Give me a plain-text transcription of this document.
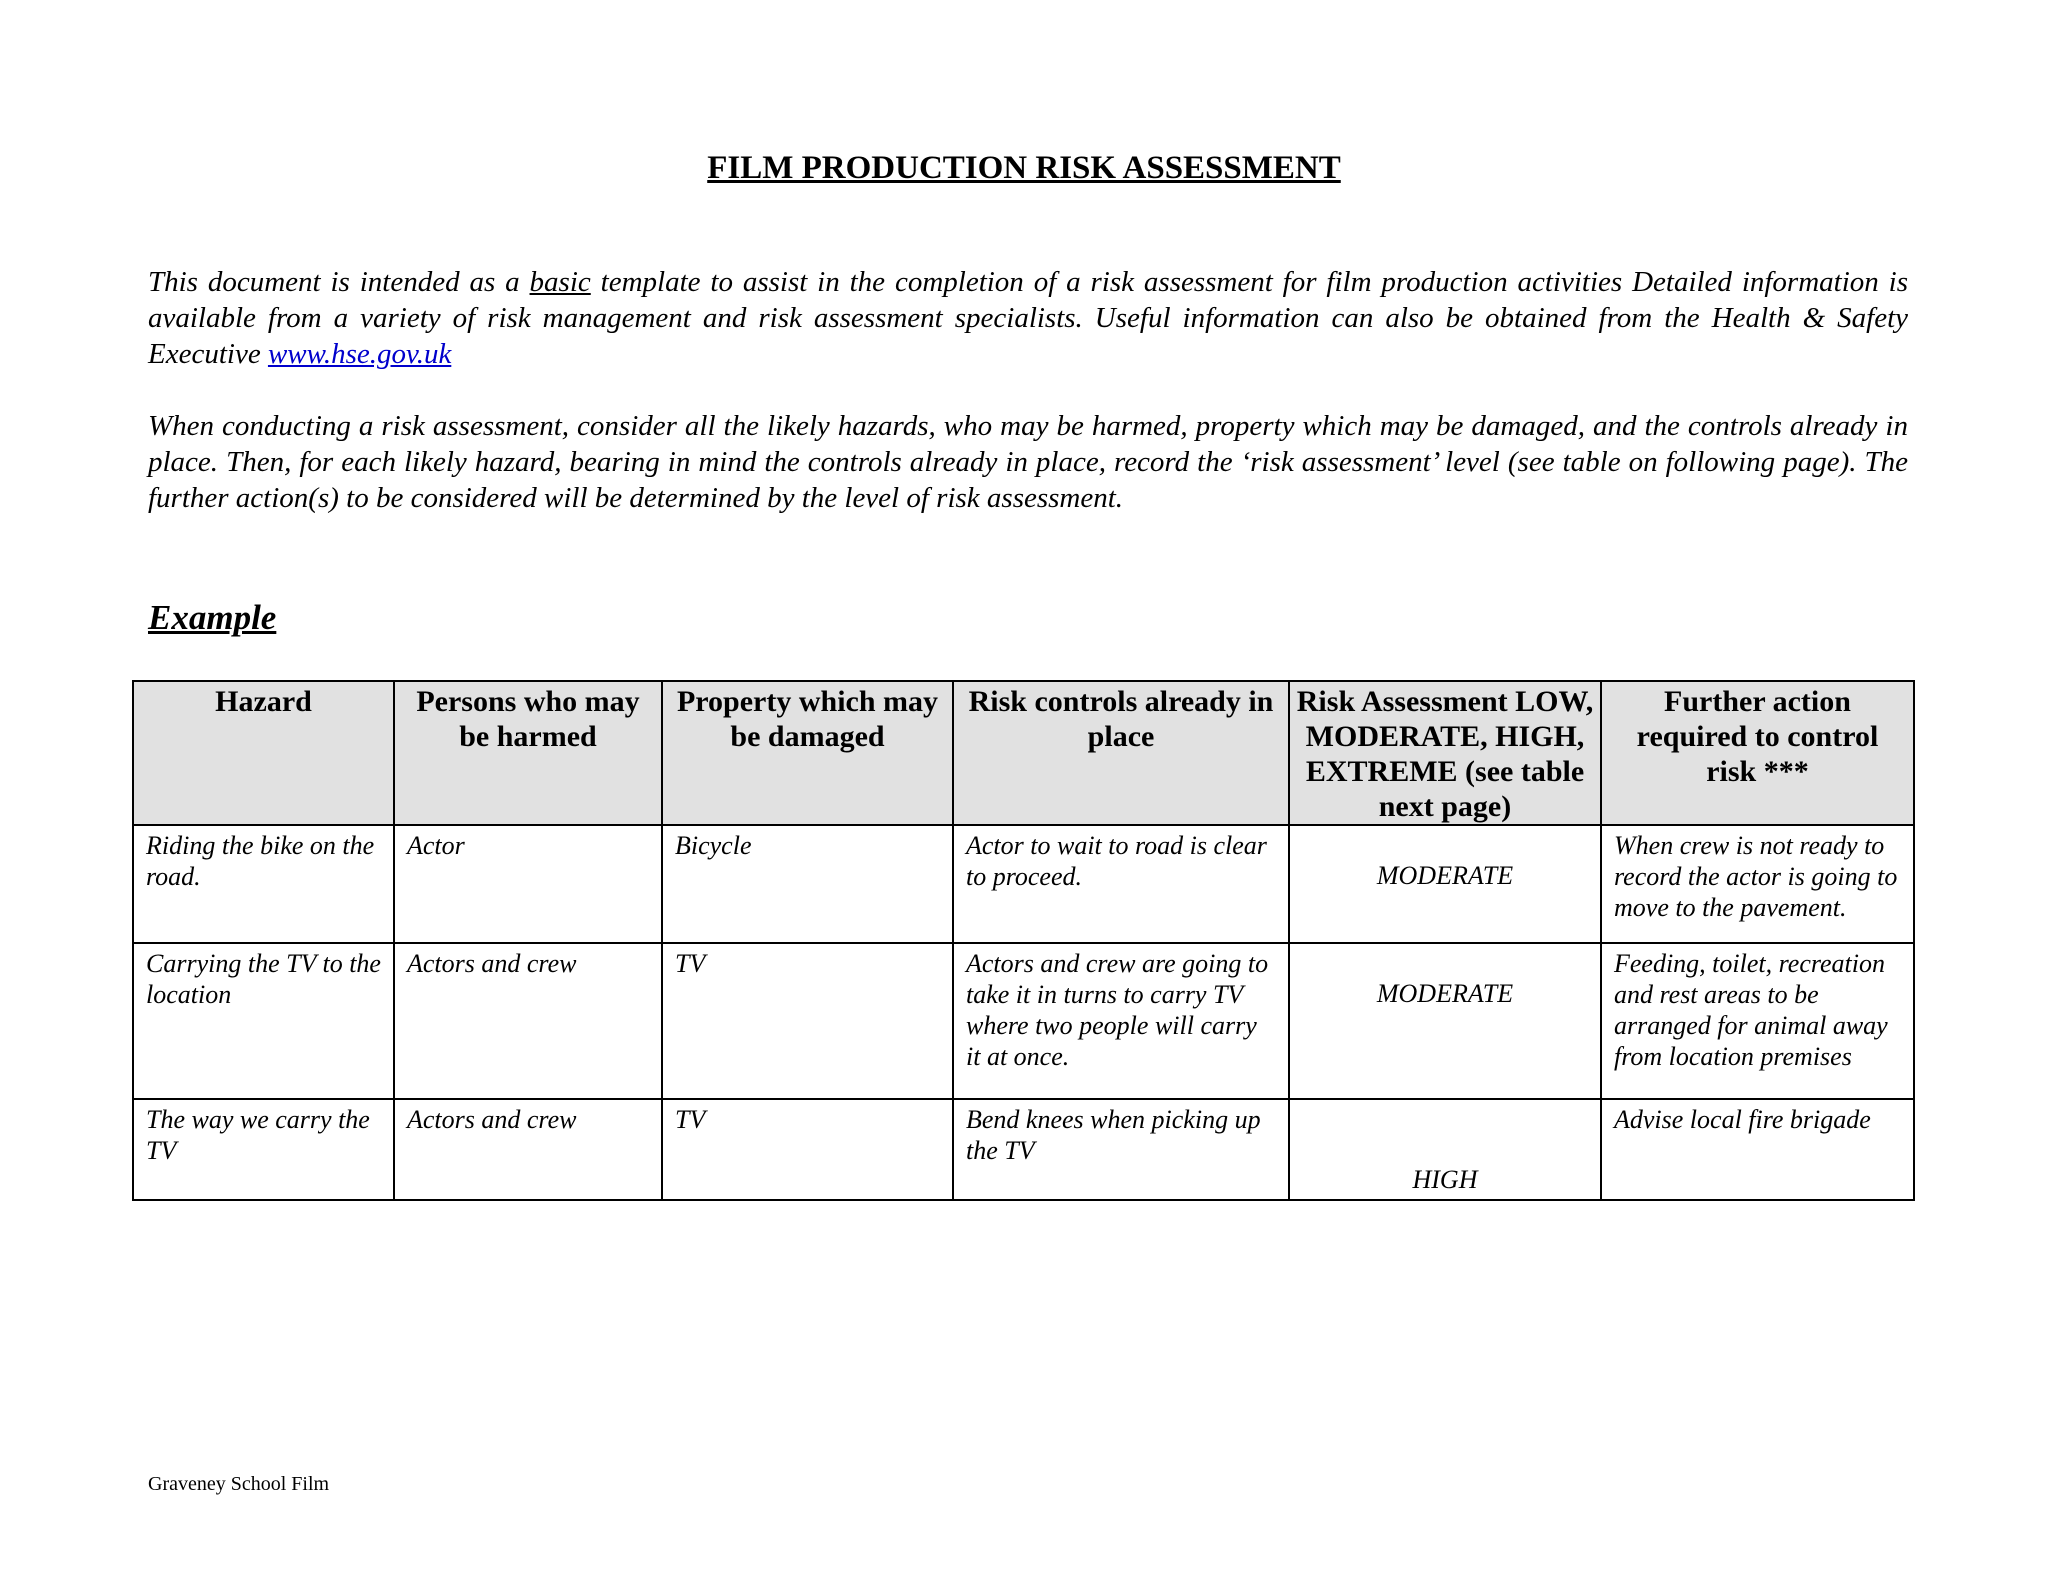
FILM PRODUCTION RISK ASSESSMENT

This document is intended as a basic template to assist in the completion of a risk assessment for film production activities Detailed information is available from a variety of risk management and risk assessment specialists. Useful information can also be obtained from the Health & Safety Executive www.hse.gov.uk

When conducting a risk assessment, consider all the likely hazards, who may be harmed, property which may be damaged, and the controls already in place. Then, for each likely hazard, bearing in mind the controls already in place, record the ‘risk assessment’ level (see table on following page). The further action(s) to be considered will be determined by the level of risk assessment.

Example
Hazard	Persons who may be harmed	Property which may be damaged	Risk controls already in place	Risk Assessment LOW, MODERATE, HIGH, EXTREME (see table next page)	Further action required to control risk ***
Riding the bike on the road.	Actor	Bicycle	Actor to wait to road is clear to proceed.	MODERATE	When crew is not ready to record the actor is going to move to the pavement.
Carrying the TV to the location	Actors and crew	TV	Actors and crew are going to take it in turns to carry TV where two people will carry it at once.	MODERATE	Feeding, toilet, recreation and rest areas to be arranged for animal away from location premises
The way we carry the TV	Actors and crew	TV	Bend knees when picking up the TV	HIGH	Advise local fire brigade
Graveney School Film
